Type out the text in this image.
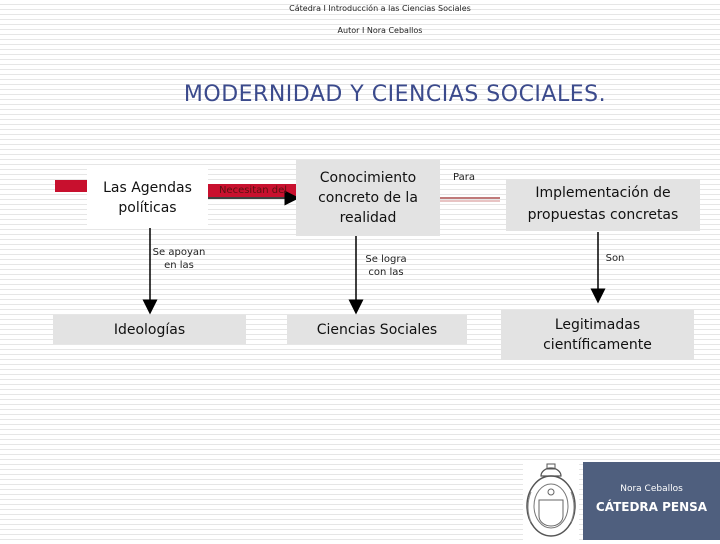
Cátedra I Introducción a las Ciencias Sociales
Autor I Nora Ceballos
MODERNIDAD Y CIENCIAS SOCIALES.
Las Agendas políticas
Conocimiento concreto de la realidad
Implementación de propuestas concretas
Ideologías	Ciencias Sociales	Legitimadas científicamente
Necesitan del
Para
Se apoyan en las	Se logra con las
Son
Nora Ceballos
CÁTEDRA PENSA
